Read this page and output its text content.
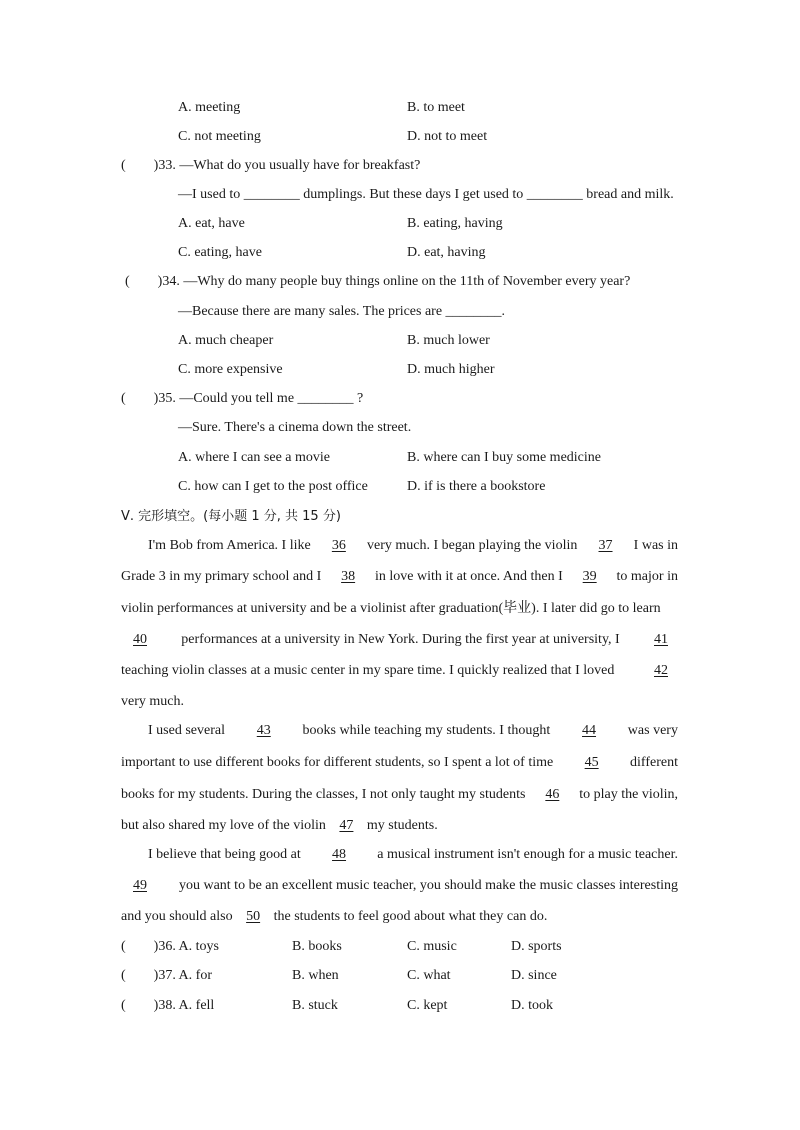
A. meeting	B. to meet
C. not meeting	D. not to meet
(  )33. —What do you usually have for breakfast?
—I used to ________ dumplings. But these days I get used to ________ bread and milk.
A. eat, have	B. eating, having
C. eating, have	D. eat, having
(  )34. —Why do many people buy things online on the 11th of November every year?
—Because there are many sales. The prices are ________.
A. much cheaper	B. much lower
C. more expensive	D. much higher
(  )35. —Could you tell me ________ ?
—Sure. There's a cinema down the street.
A. where I can see a movie	B. where can I buy some medicine
C. how can I get to the post office	D. if is there a bookstore
Ⅴ. 完形填空。(每小题 1 分, 共 15 分)
I'm Bob from America. I like	36	very much. I began playing the violin	37	I was in
Grade 3 in my primary school and I	38	in love with it at once. And then I	39	to major in
violin performances at university and be a violinist after graduation(毕业). I later did go to learn
40	performances at a university in New York. During the first year at university, I	41
teaching violin classes at a music center in my spare time. I quickly realized that I loved	42
very much.
I used several	43	books while teaching my students. I thought	44	was very
important to use different books for different students, so I spent a lot of time	45	different
books for my students. During the classes, I not only taught my students	46	to play the violin,
but also shared my love of the violin 47 my students.
I believe that being good at	48	a musical instrument isn't enough for a music teacher.
49	you want to be an excellent music teacher, you should make the music classes interesting
and you should also 50 the students to feel good about what they can do.
(  )36. A. toys	B. books	C. music	D. sports
(  )37. A. for	B. when	C. what	D. since
(  )38. A. fell	B. stuck	C. kept	D. took
